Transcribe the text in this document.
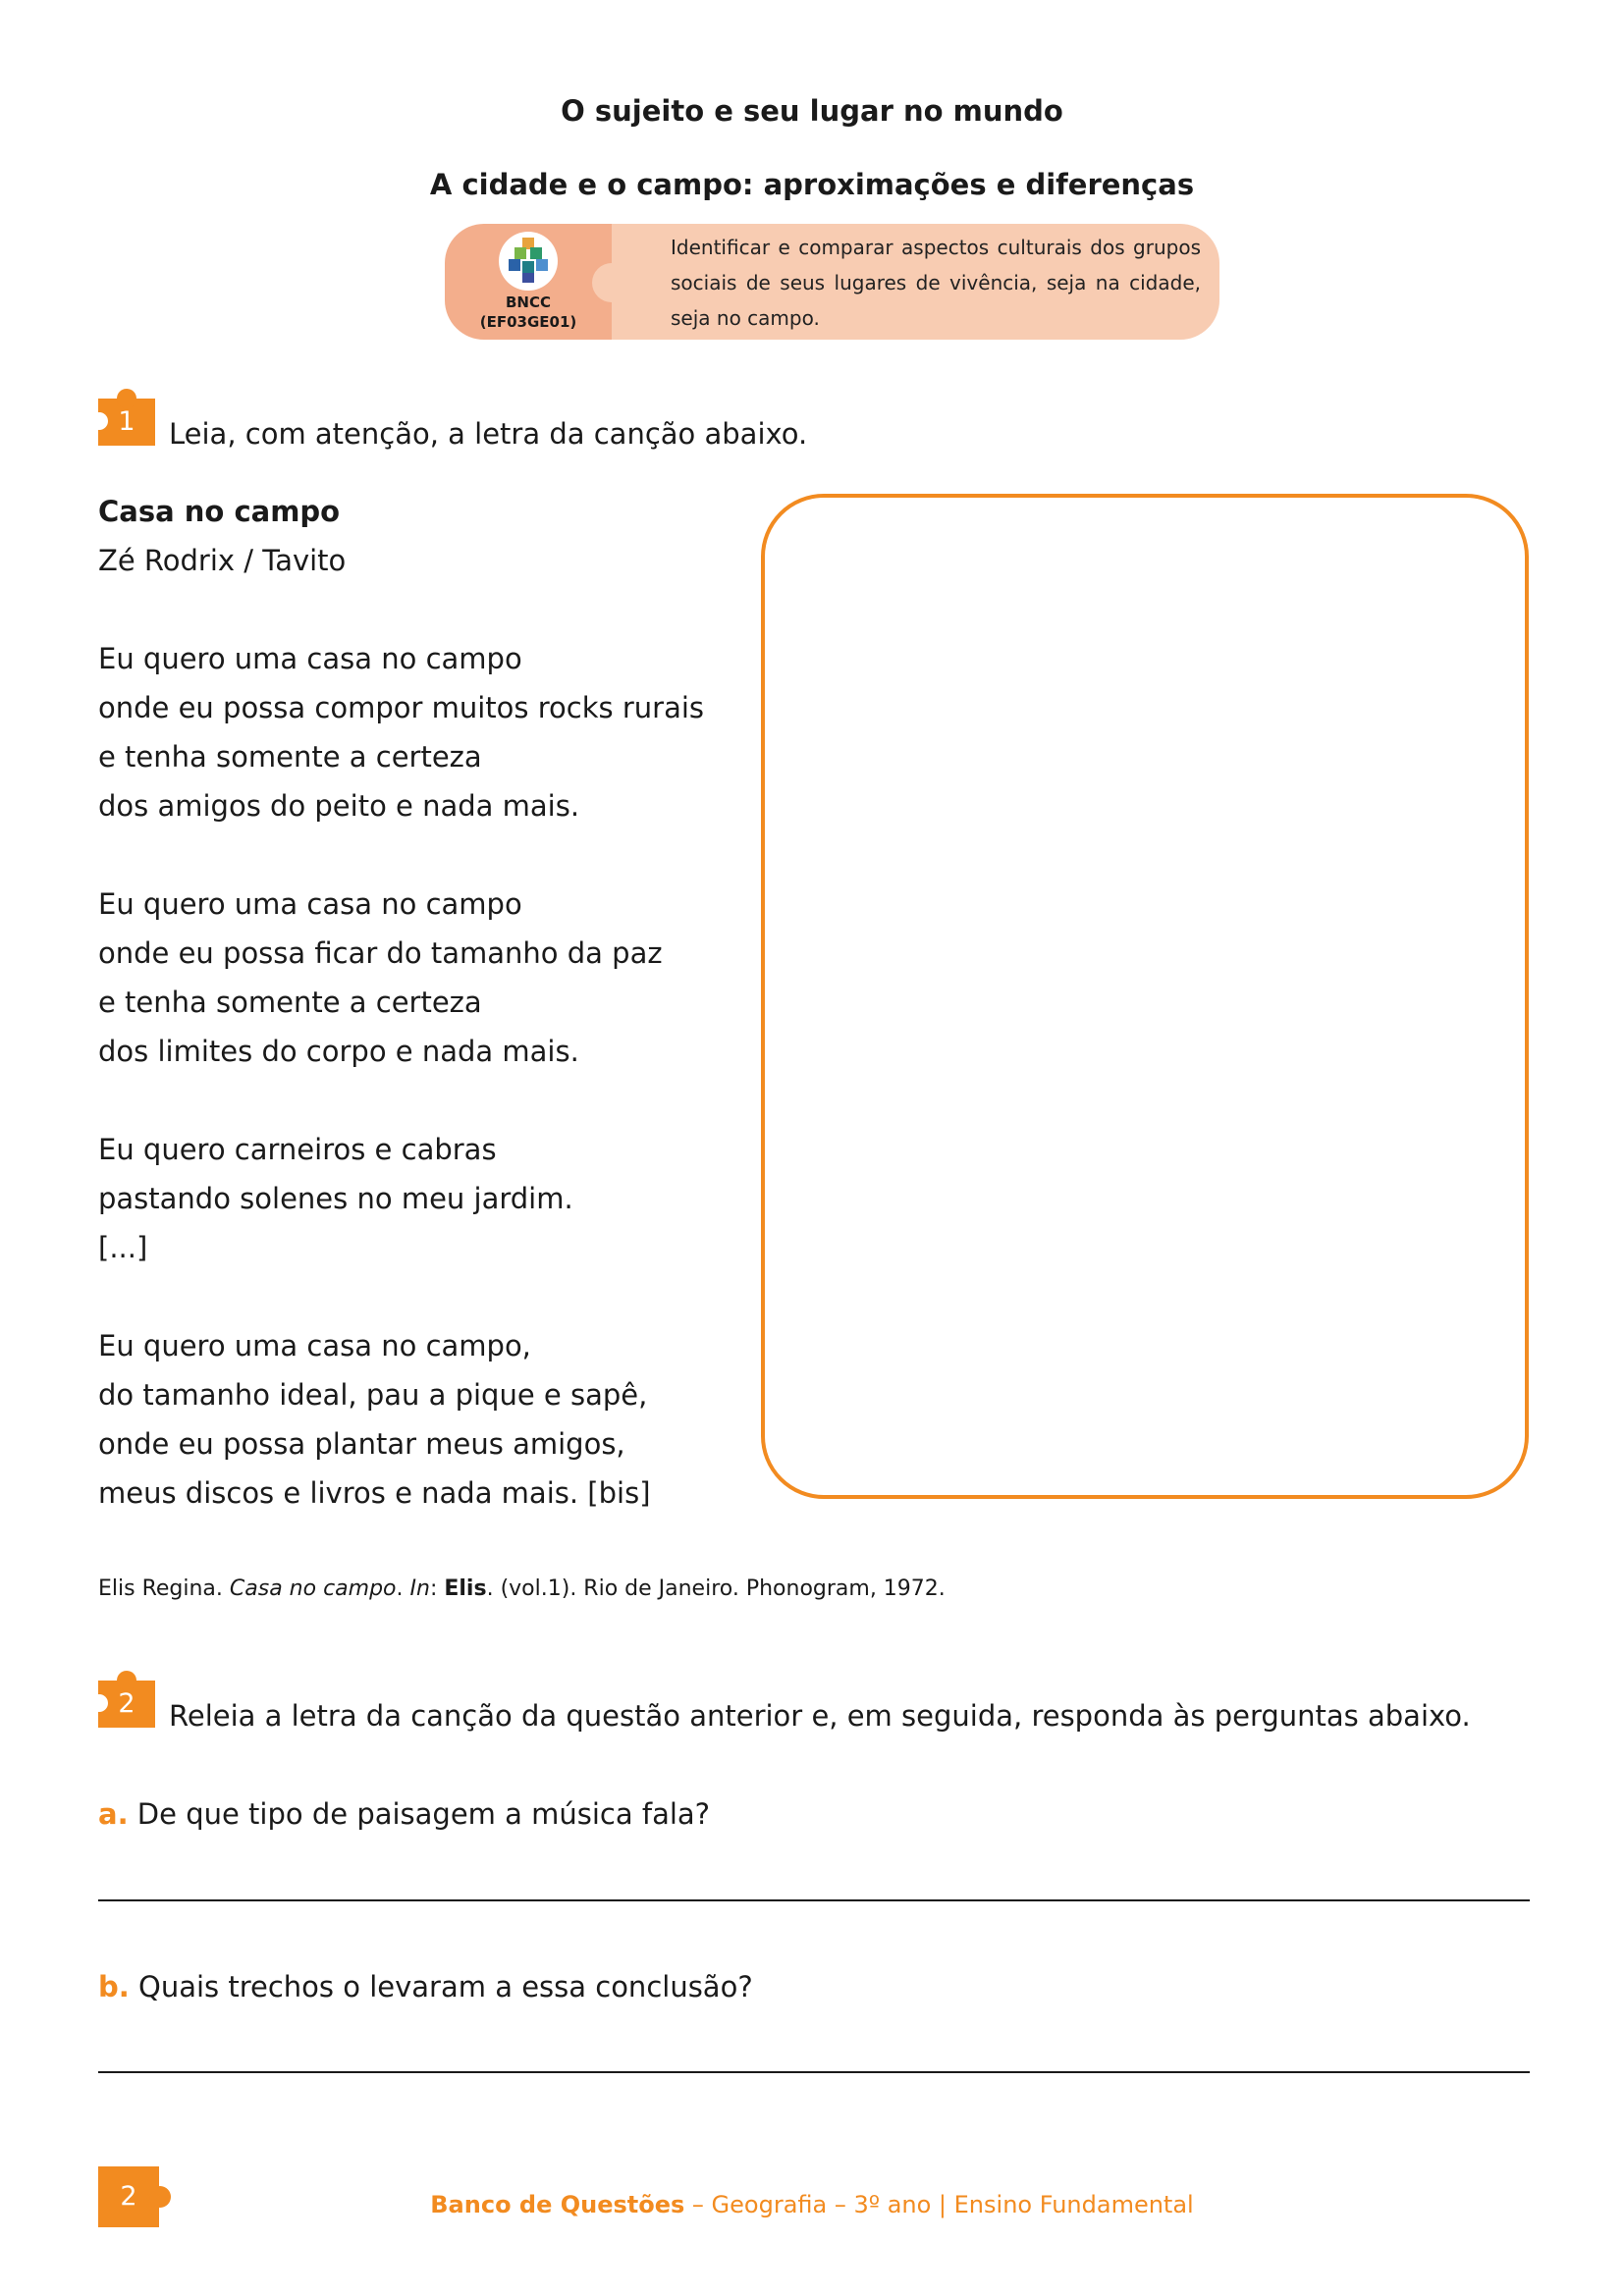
O sujeito e seu lugar no mundo
A cidade e o campo: aproximações e diferenças
BNCC
(EF03GE01)
Identificar e comparar aspectos culturais dos grupos sociais de seus lugares de vivência, seja na cidade, seja no campo.
1	Leia, com atenção, a letra da canção abaixo.
Casa no campo
Zé Rodrix / Tavito
Eu quero uma casa no campo
onde eu possa compor muitos rocks rurais
e tenha somente a certeza
dos amigos do peito e nada mais.
Eu quero uma casa no campo
onde eu possa ficar do tamanho da paz
e tenha somente a certeza
dos limites do corpo e nada mais.
Eu quero carneiros e cabras
pastando solenes no meu jardim.
[...]
Eu quero uma casa no campo,
do tamanho ideal, pau a pique e sapê,
onde eu possa plantar meus amigos,
meus discos e livros e nada mais. [bis]
Elis Regina. Casa no campo. In: Elis. (vol.1). Rio de Janeiro. Phonogram, 1972.
2	Releia a letra da canção da questão anterior e, em seguida, responda às perguntas abaixo.
a. De que tipo de paisagem a música fala?
b. Quais trechos o levaram a essa conclusão?
2	Banco de Questões – Geografia – 3º ano | Ensino Fundamental
